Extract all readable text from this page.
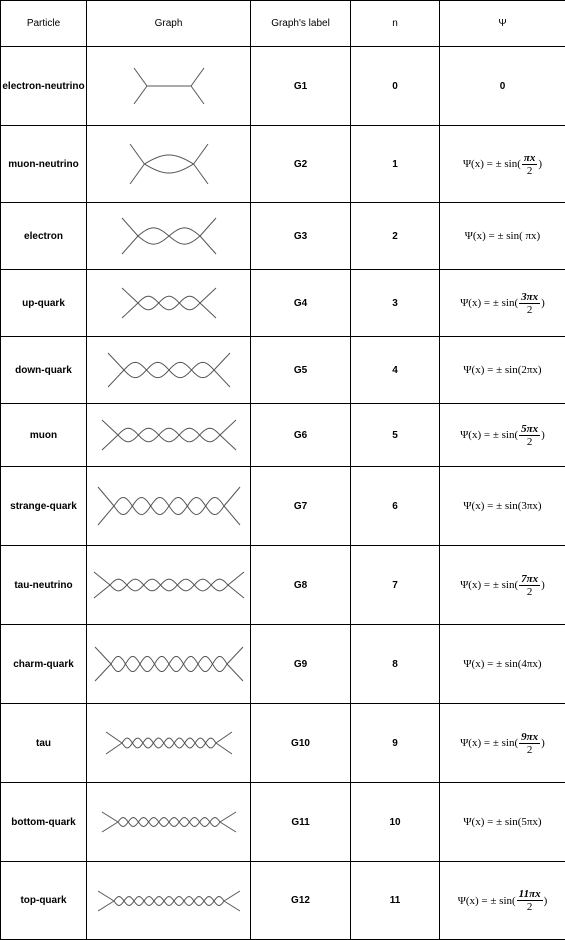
Particle	Graph	Graph's label	n	Ψ
electron-neutrino		G1	0	0

muon-neutrino		G2	1	Ψ(x) = ± $\sin( \frac{\pi x}{2}$ )

electron		G3	2	Ψ(x) = ± sin( πx)

up-quark		G4	3	Ψ(x) = ± $\sin( \frac{3\pi x}{2}$ )

down-quark		G5	4	Ψ(x) = ± sin(2πx)

muon		G6	5	Ψ(x) = ± $\sin( \frac{5\pi x}{2}$ )

strange-quark		G7	6	Ψ(x) = ± sin(3πx)

tau-neutrino		G8	7	Ψ(x) = ± $\sin( \frac{7\pi x}{2}$ )

charm-quark		G9	8	Ψ(x) = ± sin(4πx)

tau		G10	9	Ψ(x) = ± $\sin( \frac{9\pi x}{2}$ )

bottom-quark		G11	10	Ψ(x) = ± sin(5πx)

top-quark		G12	11	Ψ(x) = ± $\sin( \frac{11\pi x}{2}$ )
